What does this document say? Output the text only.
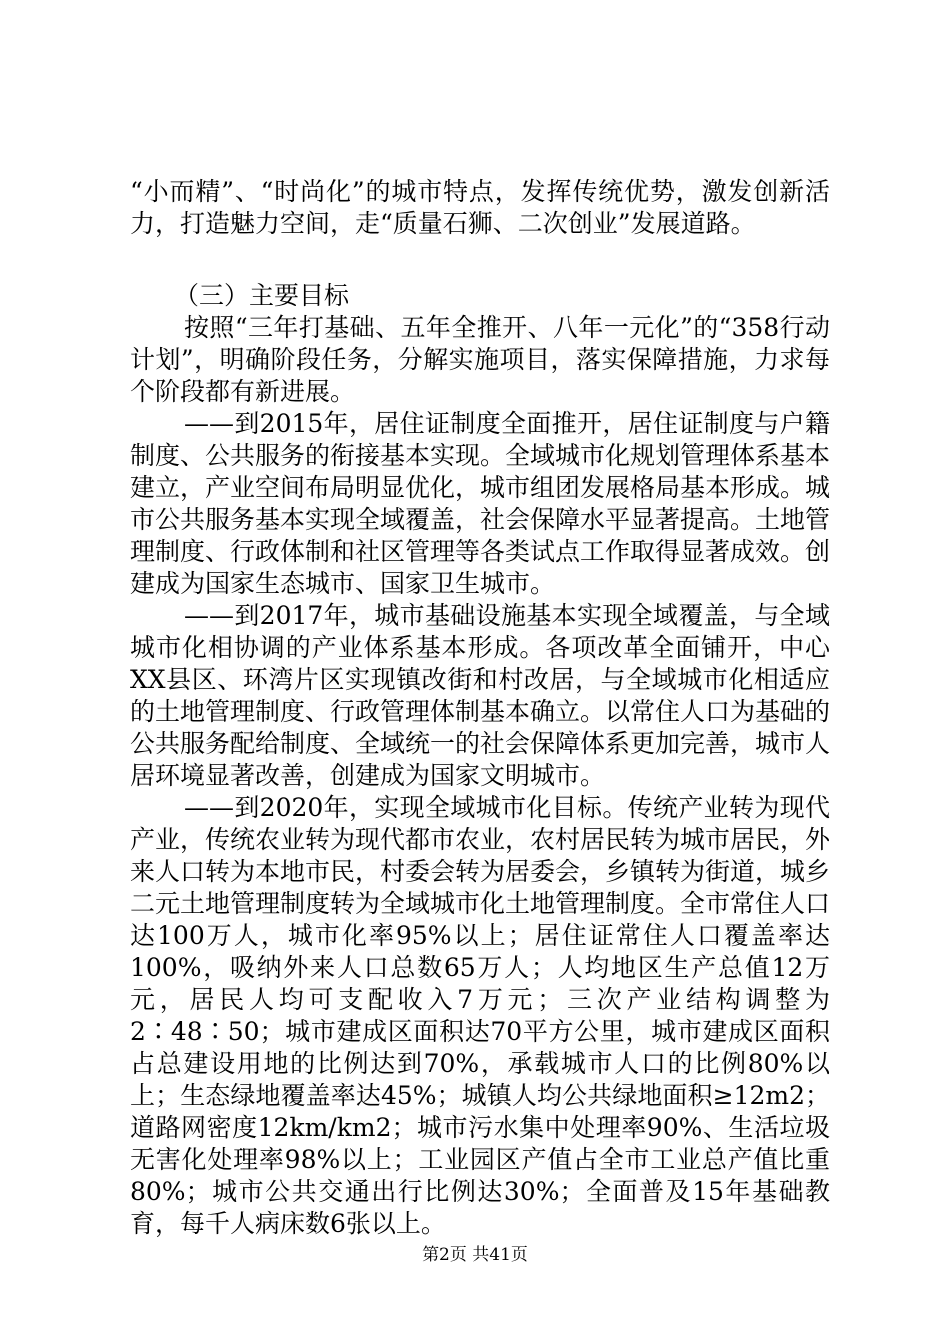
“小而精”、“时尚化”的城市特点，发挥传统优势，激发创新活力，打造魅力空间，走“质量石狮、二次创业”发展道路。

（三）主要目标

按照“三年打基础、五年全推开、八年一元化”的“358行动计划”，明确阶段任务，分解实施项目，落实保障措施，力求每个阶段都有新进展。

——到2015年，居住证制度全面推开，居住证制度与户籍制度、公共服务的衔接基本实现。全域城市化规划管理体系基本建立，产业空间布局明显优化，城市组团发展格局基本形成。城市公共服务基本实现全域覆盖，社会保障水平显著提高。土地管理制度、行政体制和社区管理等各类试点工作取得显著成效。创建成为国家生态城市、国家卫生城市。

——到2017年，城市基础设施基本实现全域覆盖，与全域城市化相协调的产业体系基本形成。各项改革全面铺开，中心XX县区、环湾片区实现镇改街和村改居，与全域城市化相适应的土地管理制度、行政管理体制基本确立。以常住人口为基础的公共服务配给制度、全域统一的社会保障体系更加完善，城市人居环境显著改善，创建成为国家文明城市。

——到2020年，实现全域城市化目标。传统产业转为现代产业，传统农业转为现代都市农业，农村居民转为城市居民，外来人口转为本地市民，村委会转为居委会，乡镇转为街道，城乡二元土地管理制度转为全域城市化土地管理制度。全市常住人口达100万人，城市化率95%以上；居住证常住人口覆盖率达100%，吸纳外来人口总数65万人；人均地区生产总值12万元，居民人均可支配收入7万元；三次产业结构调整为2∶48∶50；城市建成区面积达70平方公里，城市建成区面积占总建设用地的比例达到70%，承载城市人口的比例80%以上；生态绿地覆盖率达45%；城镇人均公共绿地面积≥12m2；道路网密度12km/km2；城市污水集中处理率90%、生活垃圾无害化处理率98%以上；工业园区产值占全市工业总产值比重80%；城市公共交通出行比例达30%；全面普及15年基础教育，每千人病床数6张以上。

第2页 共41页
